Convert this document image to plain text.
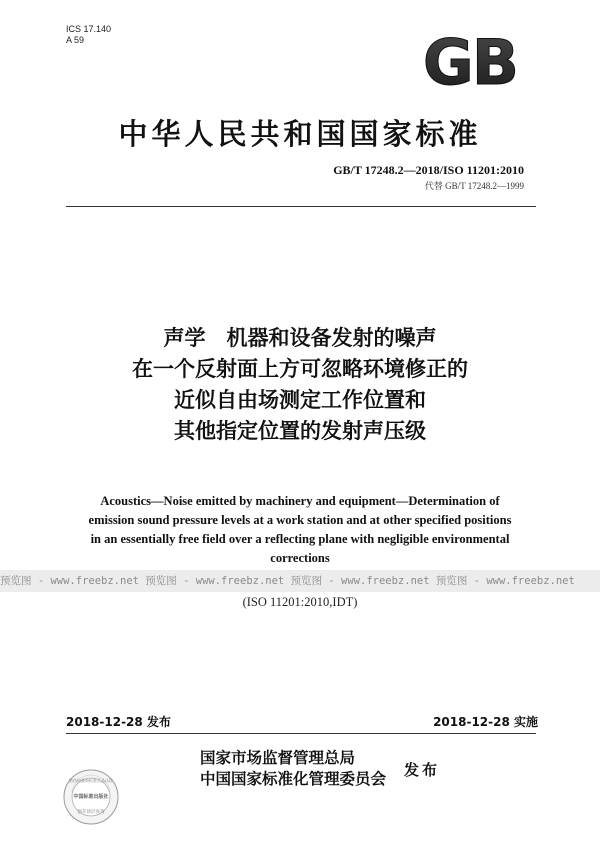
ICS 17.140
A 59	GB
中华人民共和国国家标准
GB/T 17248.2—2018/ISO 11201:2010
代替 GB/T 17248.2—1999
声学　机器和设备发射的噪声
在一个反射面上方可忽略环境修正的
近似自由场测定工作位置和
其他指定位置的发射声压级
Acoustics—Noise emitted by machinery and equipment—Determination of
emission sound pressure levels at a work station and at other specified positions
in an essentially free field over a reflecting plane with negligible environmental
corrections
预览图 - www.freebz.net 预览图 - www.freebz.net 预览图 - www.freebz.net 预览图 - www.freebz.net
(ISO 11201:2010,IDT)
2018-12-28 发布	2018-12-28 实施
国家市场监督管理总局
中国国家标准化管理委员会 发布
防伪码查询标准正品认证
中国标准出版社
刮开涂层查询
